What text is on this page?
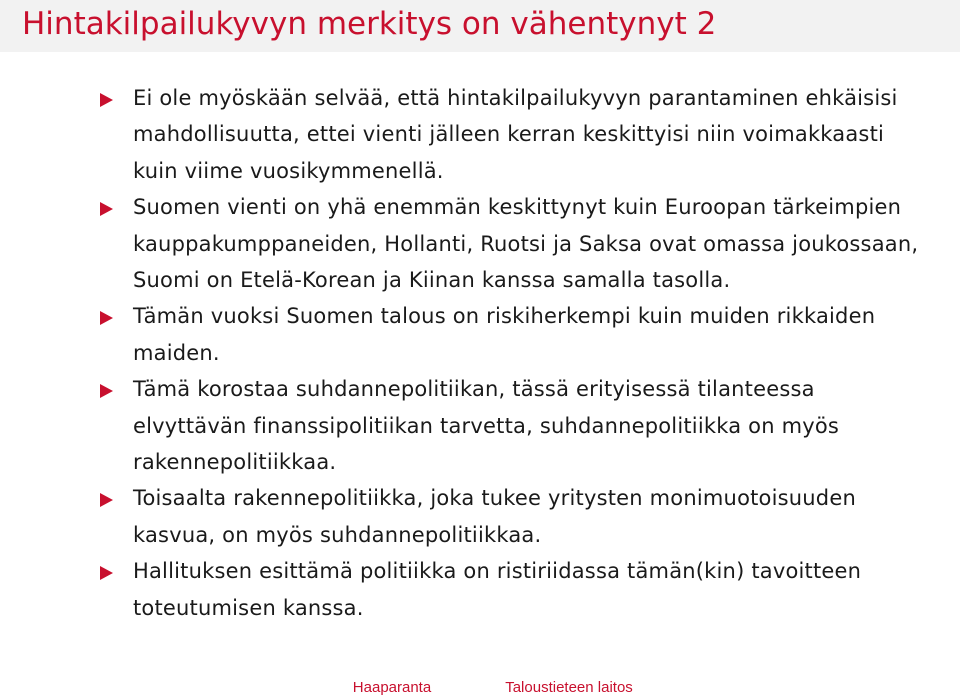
Hintakilpailukyvyn merkitys on vähentynyt 2
Ei ole myöskään selvää, että hintakilpailukyvyn parantaminen ehkäisisi mahdollisuutta, ettei vienti jälleen kerran keskittyisi niin voimakkaasti kuin viime vuosikymmenellä.
Suomen vienti on yhä enemmän keskittynyt kuin Euroopan tärkeimpien kauppakumppaneiden, Hollanti, Ruotsi ja Saksa ovat omassa joukossaan, Suomi on Etelä-Korean ja Kiinan kanssa samalla tasolla.
Tämän vuoksi Suomen talous on riskiherkempi kuin muiden rikkaiden maiden.
Tämä korostaa suhdannepolitiikan, tässä erityisessä tilanteessa elvyttävän finanssipolitiikan tarvetta, suhdannepolitiikka on myös rakennepolitiikkaa.
Toisaalta rakennepolitiikka, joka tukee yritysten monimuotoisuuden kasvua, on myös suhdannepolitiikkaa.
Hallituksen esittämä politiikka on ristiriidassa tämän(kin) tavoitteen toteutumisen kanssa.
Haaparanta	Taloustieteen laitos
